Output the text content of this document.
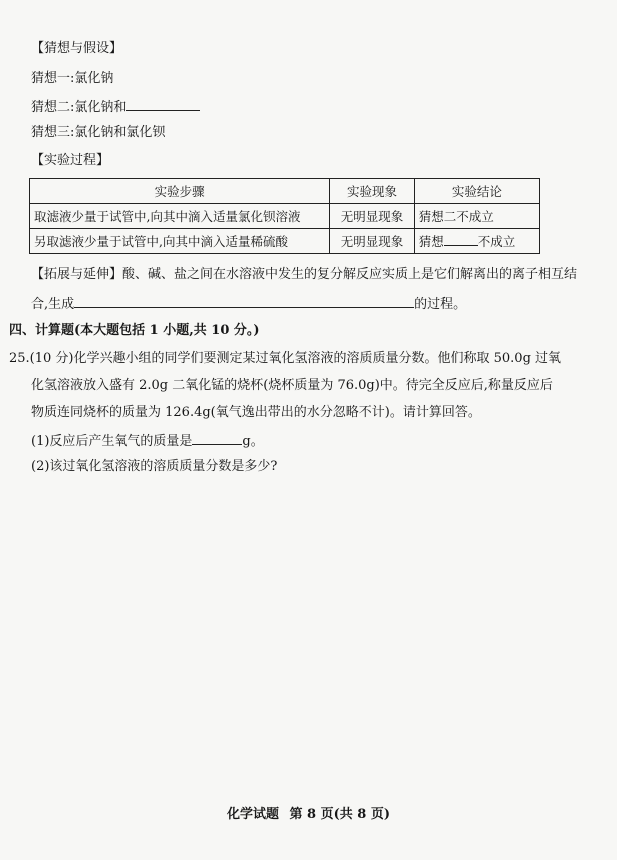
【猜想与假设】
猜想一:氯化钠
猜想二:氯化钠和
猜想三:氯化钠和氯化钡
【实验过程】
实验步骤	实验现象	实验结论
取滤液少量于试管中,向其中滴入适量氯化钡溶液	无明显现象	猜想二不成立
另取滤液少量于试管中,向其中滴入适量稀硫酸	无明显现象	猜想 不成立
【拓展与延伸】酸、碱、盐之间在水溶液中发生的复分解反应实质上是它们解离出的离子相互结
合,生成	的过程。
四、计算题(本大题包括 1 小题,共 10 分。)
25.(10 分)化学兴趣小组的同学们要测定某过氧化氢溶液的溶质质量分数。他们称取 50.0g 过氧
化氢溶液放入盛有 2.0g 二氧化锰的烧杯(烧杯质量为 76.0g)中。待完全反应后,称量反应后
物质连同烧杯的质量为 126.4g(氧气逸出带出的水分忽略不计)。请计算回答。
(1)反应后产生氧气的质量是	g。
(2)该过氧化氢溶液的溶质质量分数是多少?
化学试题 第 8 页(共 8 页)
